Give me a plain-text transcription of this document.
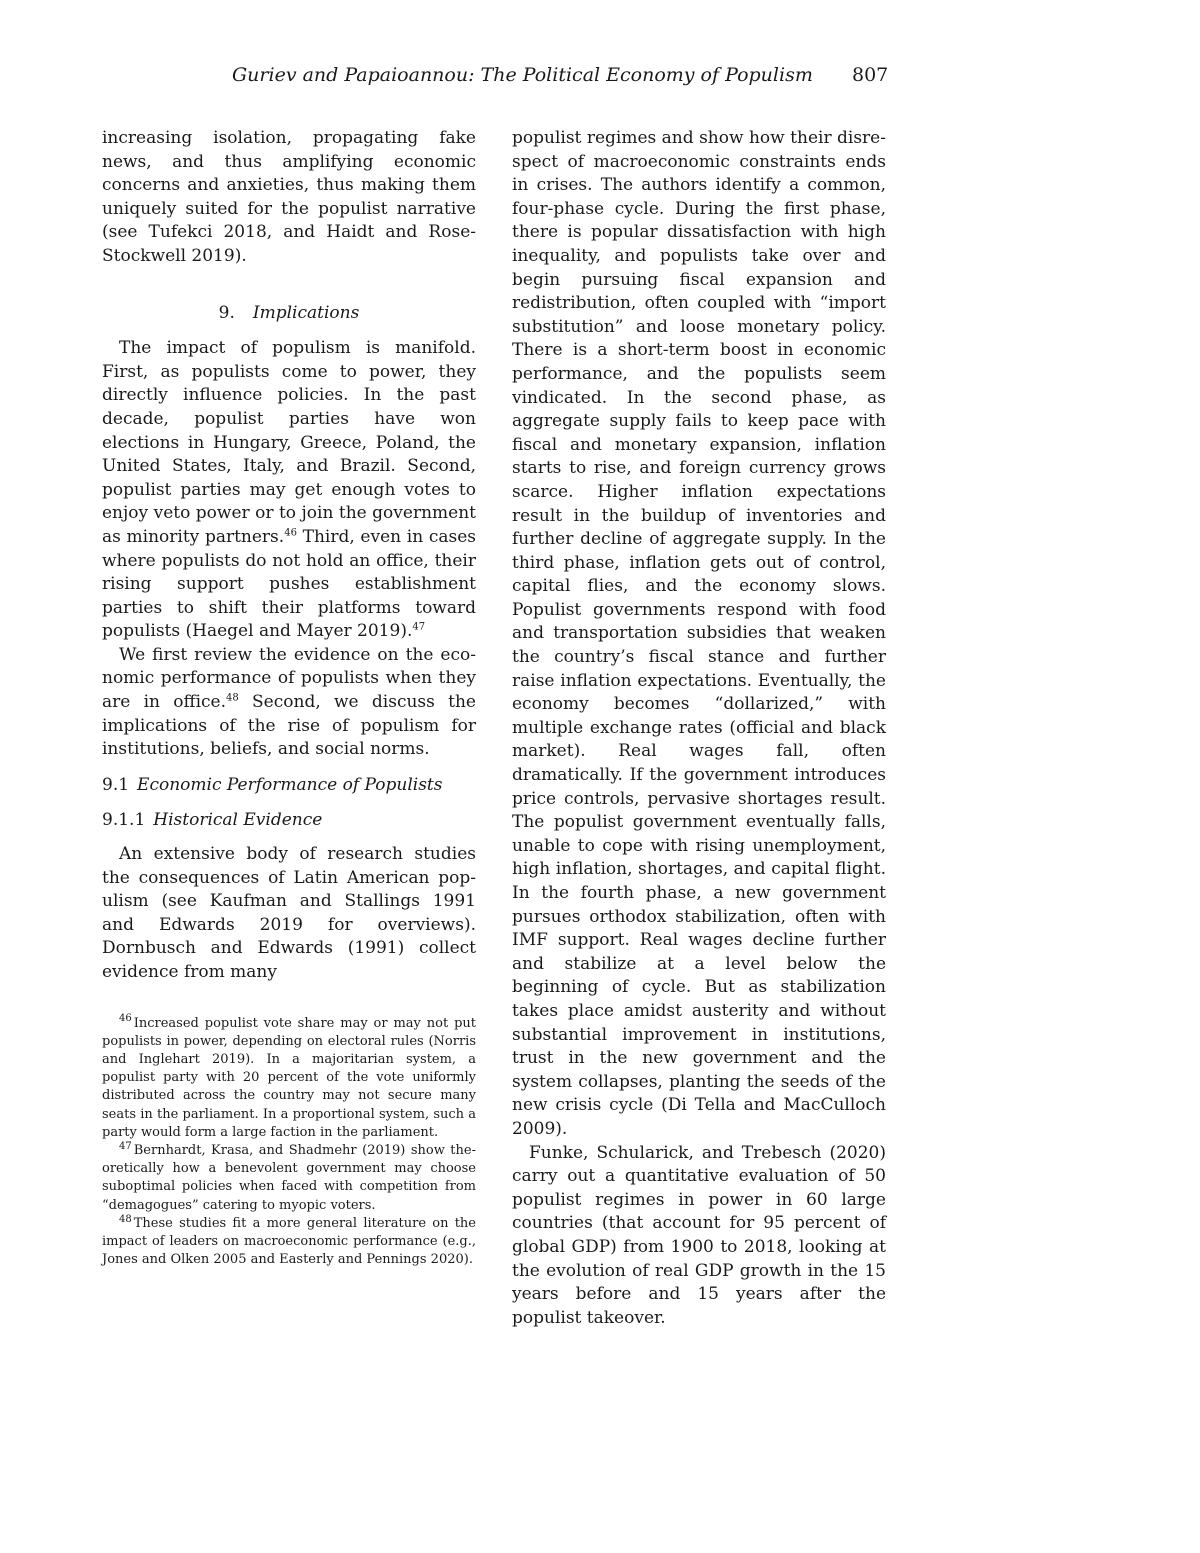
Guriev and Papaioannou: The Political Economy of Populism 807

increasing isolation, propagating fake news, and thus amplifying economic concerns and anxieties, thus making them uniquely suited for the populist narrative (see Tufekci 2018, and Haidt and Rose-Stockwell 2019).

9. Implications

The impact of populism is manifold. First, as populists come to power, they directly influence policies. In the past decade, populist parties have won elections in Hungary, Greece, Poland, the United States, Italy, and Brazil. Second, populist parties may get enough votes to enjoy veto power or to join the government as minority partners.$^{46}$ Third, even in cases where populists do not hold an office, their rising support pushes establishment parties to shift their platforms toward populists (Haegel and Mayer 2019).$^{47}$

We first review the evidence on the economic performance of populists when they are in office.$^{48}$ Second, we discuss the implications of the rise of populism for institutions, beliefs, and social norms.

9.1 Economic Performance of Populists
9.1.1 Historical Evidence

An extensive body of research studies the consequences of Latin American populism (see Kaufman and Stallings 1991 and Edwards 2019 for overviews). Dornbusch and Edwards (1991) collect evidence from many

$^{46}$ Increased populist vote share may or may not put populists in power, depending on electoral rules (Norris and Inglehart 2019). In a majoritarian system, a populist party with 20 percent of the vote uniformly distributed across the country may not secure many seats in the parliament. In a proportional system, such a party would form a large faction in the parliament.

$^{47}$ Bernhardt, Krasa, and Shadmehr (2019) show theoretically how a benevolent government may choose suboptimal policies when faced with competition from “demagogues” catering to myopic voters.

$^{48}$ These studies fit a more general literature on the impact of leaders on macroeconomic performance (e.g., Jones and Olken 2005 and Easterly and Pennings 2020).

populist regimes and show how their disrespect of macroeconomic constraints ends in crises. The authors identify a common, four-phase cycle. During the first phase, there is popular dissatisfaction with high inequality, and populists take over and begin pursuing fiscal expansion and redistribution, often coupled with “import substitution” and loose monetary policy. There is a short-term boost in economic performance, and the populists seem vindicated. In the second phase, as aggregate supply fails to keep pace with fiscal and monetary expansion, inflation starts to rise, and foreign currency grows scarce. Higher inflation expectations result in the buildup of inventories and further decline of aggregate supply. In the third phase, inflation gets out of control, capital flies, and the economy slows. Populist governments respond with food and transportation subsidies that weaken the country’s fiscal stance and further raise inflation expectations. Eventually, the economy becomes “dollarized,” with multiple exchange rates (official and black market). Real wages fall, often dramatically. If the government introduces price controls, pervasive shortages result. The populist government eventually falls, unable to cope with rising unemployment, high inflation, shortages, and capital flight. In the fourth phase, a new government pursues orthodox stabilization, often with IMF support. Real wages decline further and stabilize at a level below the beginning of cycle. But as stabilization takes place amidst austerity and without substantial improvement in institutions, trust in the new government and the system collapses, planting the seeds of the new crisis cycle (Di Tella and MacCulloch 2009).

Funke, Schularick, and Trebesch (2020) carry out a quantitative evaluation of 50 populist regimes in power in 60 large countries (that account for 95 percent of global GDP) from 1900 to 2018, looking at the evolution of real GDP growth in the 15 years before and 15 years after the populist takeover.
